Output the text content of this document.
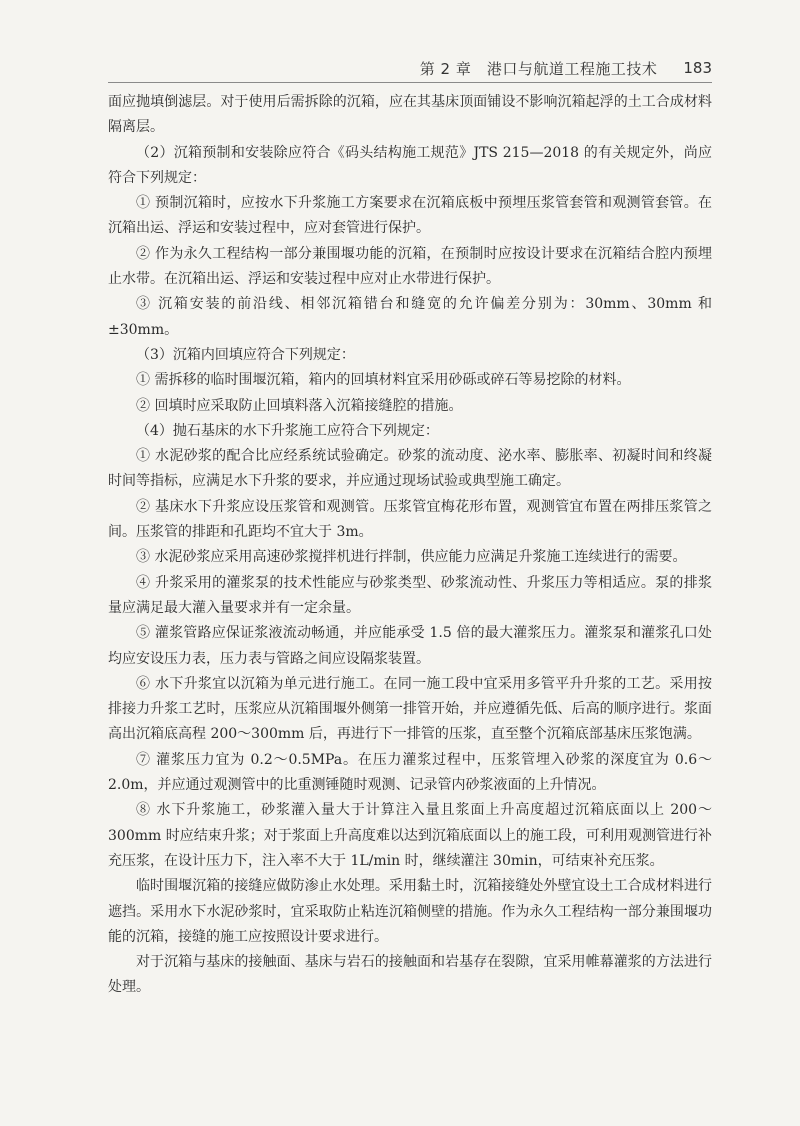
第 2 章　港口与航道工程施工技术 183

面应抛填倒滤层。对于使用后需拆除的沉箱，应在其基床顶面铺设不影响沉箱起浮的土工合成材料隔离层。

（2）沉箱预制和安装除应符合《码头结构施工规范》JTS 215—2018 的有关规定外，尚应符合下列规定：

① 预制沉箱时，应按水下升浆施工方案要求在沉箱底板中预埋压浆管套管和观测管套管。在沉箱出运、浮运和安装过程中，应对套管进行保护。

② 作为永久工程结构一部分兼围堰功能的沉箱，在预制时应按设计要求在沉箱结合腔内预埋止水带。在沉箱出运、浮运和安装过程中应对止水带进行保护。

③ 沉箱安装的前沿线、相邻沉箱错台和缝宽的允许偏差分别为：30mm、30mm 和 ±30mm。

（3）沉箱内回填应符合下列规定：

① 需拆移的临时围堰沉箱，箱内的回填材料宜采用砂砾或碎石等易挖除的材料。

② 回填时应采取防止回填料落入沉箱接缝腔的措施。

（4）抛石基床的水下升浆施工应符合下列规定：

① 水泥砂浆的配合比应经系统试验确定。砂浆的流动度、泌水率、膨胀率、初凝时间和终凝时间等指标，应满足水下升浆的要求，并应通过现场试验或典型施工确定。

② 基床水下升浆应设压浆管和观测管。压浆管宜梅花形布置，观测管宜布置在两排压浆管之间。压浆管的排距和孔距均不宜大于 3m。

③ 水泥砂浆应采用高速砂浆搅拌机进行拌制，供应能力应满足升浆施工连续进行的需要。

④ 升浆采用的灌浆泵的技术性能应与砂浆类型、砂浆流动性、升浆压力等相适应。泵的排浆量应满足最大灌入量要求并有一定余量。

⑤ 灌浆管路应保证浆液流动畅通，并应能承受 1.5 倍的最大灌浆压力。灌浆泵和灌浆孔口处均应安设压力表，压力表与管路之间应设隔浆装置。

⑥ 水下升浆宜以沉箱为单元进行施工。在同一施工段中宜采用多管平升升浆的工艺。采用按排接力升浆工艺时，压浆应从沉箱围堰外侧第一排管开始，并应遵循先低、后高的顺序进行。浆面高出沉箱底高程 200～300mm 后，再进行下一排管的压浆，直至整个沉箱底部基床压浆饱满。

⑦ 灌浆压力宜为 0.2～0.5MPa。在压力灌浆过程中，压浆管埋入砂浆的深度宜为 0.6～2.0m，并应通过观测管中的比重测锤随时观测、记录管内砂浆液面的上升情况。

⑧ 水下升浆施工，砂浆灌入量大于计算注入量且浆面上升高度超过沉箱底面以上 200～300mm 时应结束升浆；对于浆面上升高度难以达到沉箱底面以上的施工段，可利用观测管进行补充压浆，在设计压力下，注入率不大于 1L/min 时，继续灌注 30min，可结束补充压浆。

临时围堰沉箱的接缝应做防渗止水处理。采用黏土时，沉箱接缝处外壁宜设土工合成材料进行遮挡。采用水下水泥砂浆时，宜采取防止粘连沉箱侧壁的措施。作为永久工程结构一部分兼围堰功能的沉箱，接缝的施工应按照设计要求进行。

对于沉箱与基床的接触面、基床与岩石的接触面和岩基存在裂隙，宜采用帷幕灌浆的方法进行处理。
